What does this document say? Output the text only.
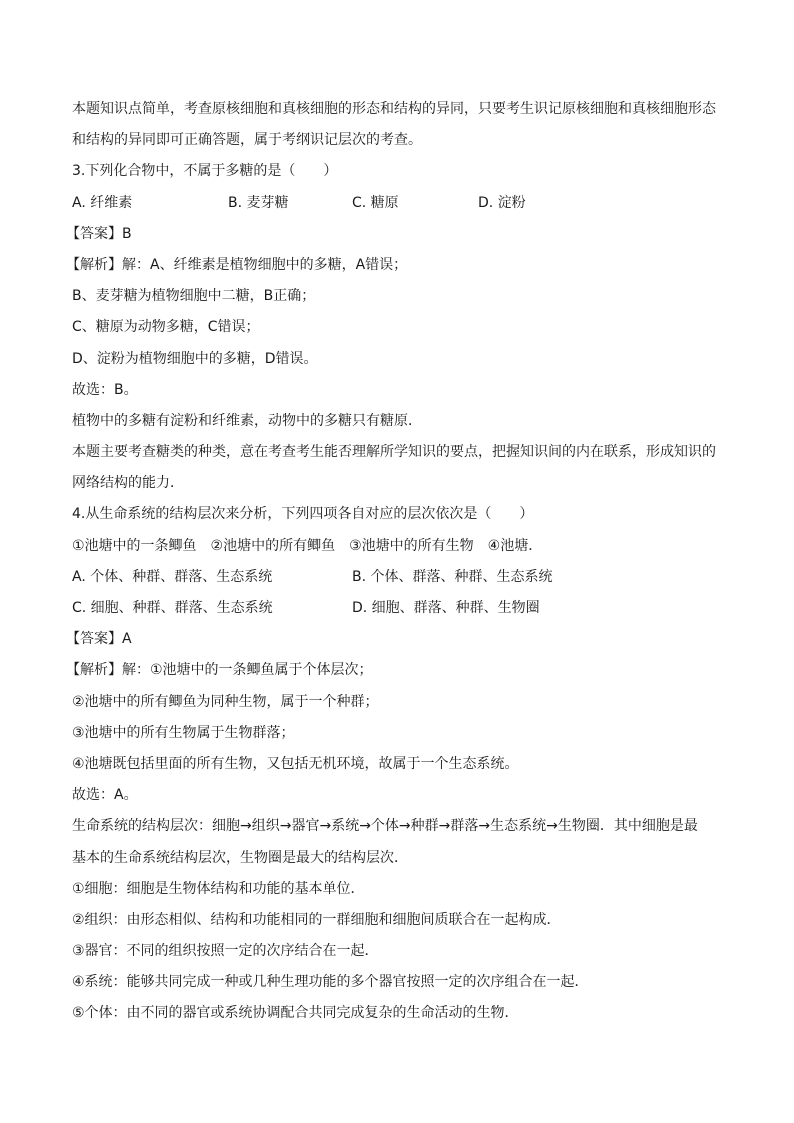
本题知识点简单，考查原核细胞和真核细胞的形态和结构的异同，只要考生识记原核细胞和真核细胞形态
和结构的异同即可正确答题，属于考纲识记层次的考查。
3.下列化合物中，不属于多糖的是（　　）
A. 纤维素	B. 麦芽糖	C. 糖原	D. 淀粉
【答案】B
【解析】解：A、纤维素是植物细胞中的多糖，A错误；
B、麦芽糖为植物细胞中二糖，B正确；
C、糖原为动物多糖，C错误；
D、淀粉为植物细胞中的多糖，D错误。
故选：B。
植物中的多糖有淀粉和纤维素，动物中的多糖只有糖原．
本题主要考查糖类的种类，意在考查考生能否理解所学知识的要点，把握知识间的内在联系，形成知识的
网络结构的能力．
4.从生命系统的结构层次来分析，下列四项各自对应的层次依次是（　　）
①池塘中的一条鲫鱼　②池塘中的所有鲫鱼　③池塘中的所有生物　④池塘．
A. 个体、种群、群落、生态系统	B. 个体、群落、种群、生态系统
C. 细胞、种群、群落、生态系统	D. 细胞、群落、种群、生物圈
【答案】A
【解析】解：①池塘中的一条鲫鱼属于个体层次；
②池塘中的所有鲫鱼为同种生物，属于一个种群；
③池塘中的所有生物属于生物群落；
④池塘既包括里面的所有生物，又包括无机环境，故属于一个生态系统。
故选：A。
生命系统的结构层次：细胞→组织→器官→系统→个体→种群→群落→生态系统→生物圈．其中细胞是最
基本的生命系统结构层次，生物圈是最大的结构层次．
①细胞：细胞是生物体结构和功能的基本单位．
②组织：由形态相似、结构和功能相同的一群细胞和细胞间质联合在一起构成．
③器官：不同的组织按照一定的次序结合在一起．
④系统：能够共同完成一种或几种生理功能的多个器官按照一定的次序组合在一起．
⑤个体：由不同的器官或系统协调配合共同完成复杂的生命活动的生物．
